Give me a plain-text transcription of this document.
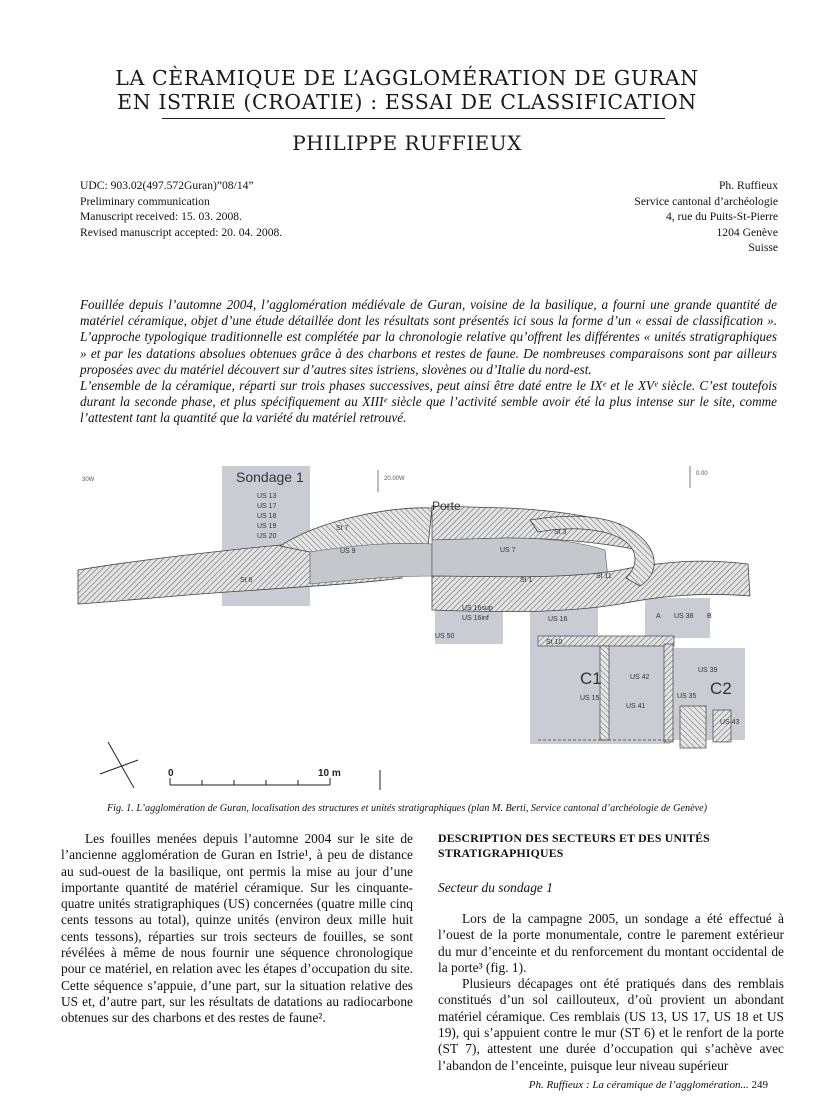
LA CÈRAMIQUE DE L’AGGLOMÉRATION DE GURAN
EN ISTRIE (CROATIE) : ESSAI DE CLASSIFICATION
PHILIPPE RUFFIEUX
UDC: 903.02(497.572Guran)”08/14”
Preliminary communication
Manuscript received: 15. 03. 2008.
Revised manuscript accepted: 20. 04. 2008.
Ph. Ruffieux
Service cantonal d’archéologie
4, rue du Puits-St-Pierre
1204 Genève
Suisse

Fouillée depuis l’automne 2004, l’agglomération médiévale de Guran, voisine de la basilique, a fourni une grande quantité de matériel céramique, objet d’une étude détaillée dont les résultats sont présentés ici sous la forme d’un « essai de classification ». L’approche typologique traditionnelle est complétée par la chronologie relative qu’offrent les différentes « unités stratigraphiques » et par les datations absolues obtenues grâce à des charbons et restes de faune. De nombreuses comparaisons sont par ailleurs proposées avec du matériel découvert sur d’autres sites istriens, slovènes ou d’Italie du nord-est.

L’ensemble de la céramique, réparti sur trois phases successives, peut ainsi être daté entre le IXᵉ et le XVᵉ siècle. C’est toutefois durant la seconde phase, et plus spécifiquement au XIIIᵉ siècle que l’activité semble avoir été la plus intense sur le site, comme l’attestent tant la quantité que la variété du matériel retrouvé.

30W	20.00W
0.00
Sondage 1
US 13
US 17
US 18
US 19
US 20
Porte
US 9	US 7
St 7
St 6
St 3
St 1
St 11
US 16sup
US 16inf	US 16
US 50
A US 38 B
St 10
C1	US 42
US 15
US 41
US 39
US 35 C2
US 43
0	10 m
Fig. 1. L’agglomération de Guran, localisation des structures et unités stratigraphiques (plan M. Berti, Service cantonal d’archéologie de Genève)

Les fouilles menées depuis l’automne 2004 sur le site de l’ancienne agglomération de Guran en Istrie¹, à peu de distance au sud-ouest de la basilique, ont permis la mise au jour d’une importante quantité de matériel céramique. Sur les cinquante-quatre unités stratigraphiques (US) concernées (quatre mille cinq cents tessons au total), quinze unités (environ deux mille huit cents tessons), réparties sur trois secteurs de fouilles, se sont révélées à même de nous fournir une séquence chronologique pour ce matériel, en relation avec les étapes d’occupation du site. Cette séquence s’appuie, d’une part, sur la situation relative des US et, d’autre part, sur les résultats de datations au radiocarbone obtenues sur des charbons et des restes de faune².

DESCRIPTION DES SECTEURS ET DES UNITÉS STRATIGRAPHIQUES
Secteur du sondage 1

Lors de la campagne 2005, un sondage a été effectué à l’ouest de la porte monumentale, contre le parement extérieur du mur d’enceinte et du renforcement du montant occidental de la porte³ (fig. 1).

Plusieurs décapages ont été pratiqués dans des remblais constitués d’un sol caillouteux, d’où provient un abondant matériel céramique. Ces remblais (US 13, US 17, US 18 et US 19), qui s’appuient contre le mur (ST 6) et le renfort de la porte (ST 7), attestent une durée d’occupation qui s’achève avec l’abandon de l’enceinte, puisque leur niveau supérieur

Ph. Ruffieux : La céramique de l’agglomération... 249
